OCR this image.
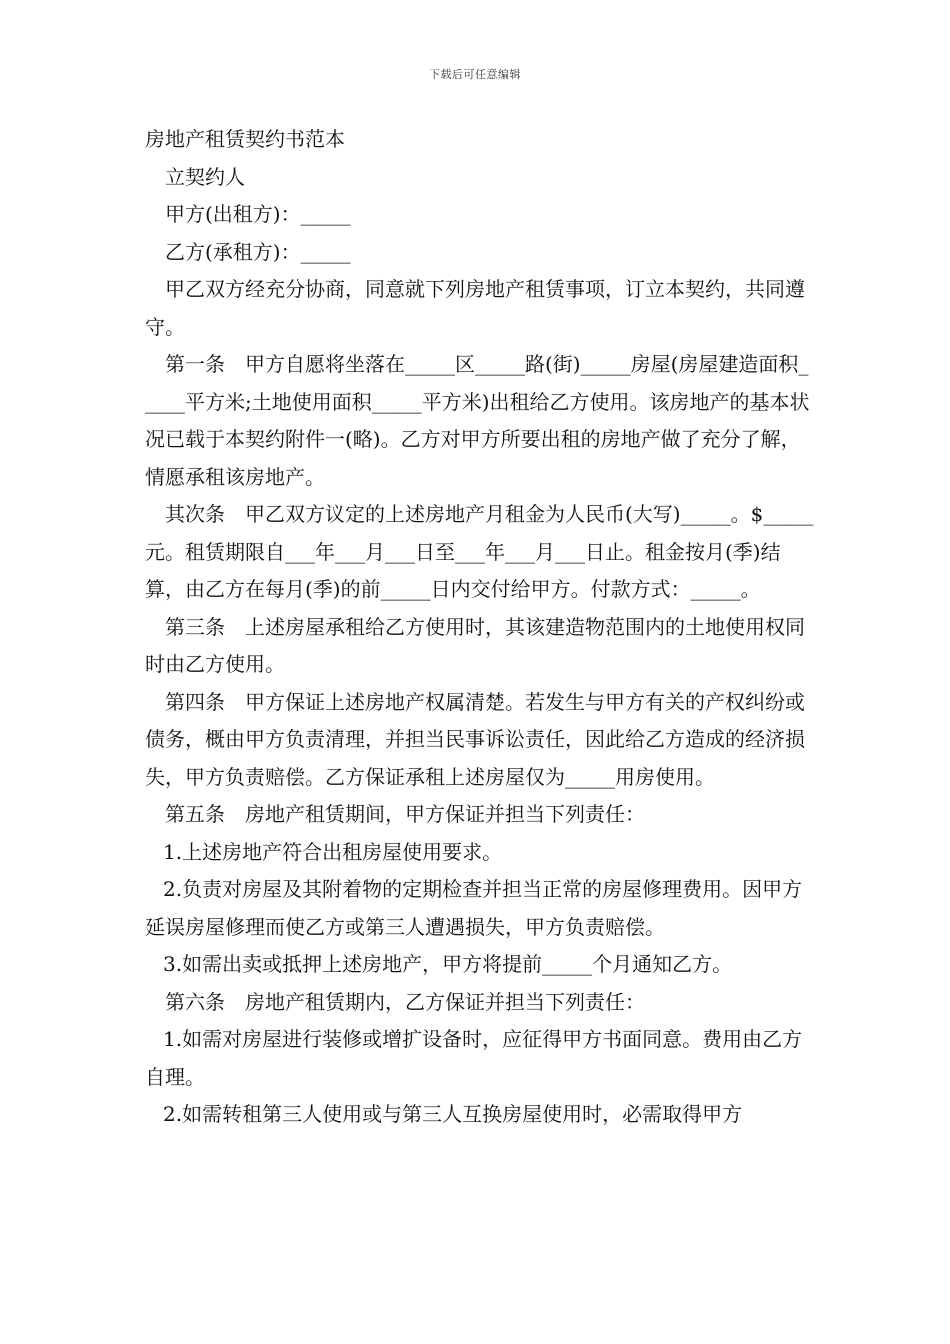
下载后可任意编辑

房地产租赁契约书范本

立契约人

甲方(出租方)：_____

乙方(承租方)：_____

甲乙双方经充分协商，同意就下列房地产租赁事项，订立本契约，共同遵守。

第一条　甲方自愿将坐落在_____区_____路(街)_____房屋(房屋建造面积_____平方米;土地使用面积_____平方米)出租给乙方使用。该房地产的基本状况已载于本契约附件一(略)。乙方对甲方所要出租的房地产做了充分了解，情愿承租该房地产。

其次条　甲乙双方议定的上述房地产月租金为人民币(大写)_____。$_____元。租赁期限自___年___月___日至___年___月___日止。租金按月(季)结算，由乙方在每月(季)的前_____日内交付给甲方。付款方式：_____。

第三条　上述房屋承租给乙方使用时，其该建造物范围内的土地使用权同时由乙方使用。

第四条　甲方保证上述房地产权属清楚。若发生与甲方有关的产权纠纷或债务，概由甲方负责清理，并担当民事诉讼责任，因此给乙方造成的经济损失，甲方负责赔偿。乙方保证承租上述房屋仅为_____用房使用。

第五条　房地产租赁期间，甲方保证并担当下列责任：

1.上述房地产符合出租房屋使用要求。

2.负责对房屋及其附着物的定期检查并担当正常的房屋修理费用。因甲方延误房屋修理而使乙方或第三人遭遇损失，甲方负责赔偿。

3.如需出卖或抵押上述房地产，甲方将提前_____个月通知乙方。

第六条　房地产租赁期内，乙方保证并担当下列责任：

1.如需对房屋进行装修或增扩设备时，应征得甲方书面同意。费用由乙方自理。

2.如需转租第三人使用或与第三人互换房屋使用时，必需取得甲方
